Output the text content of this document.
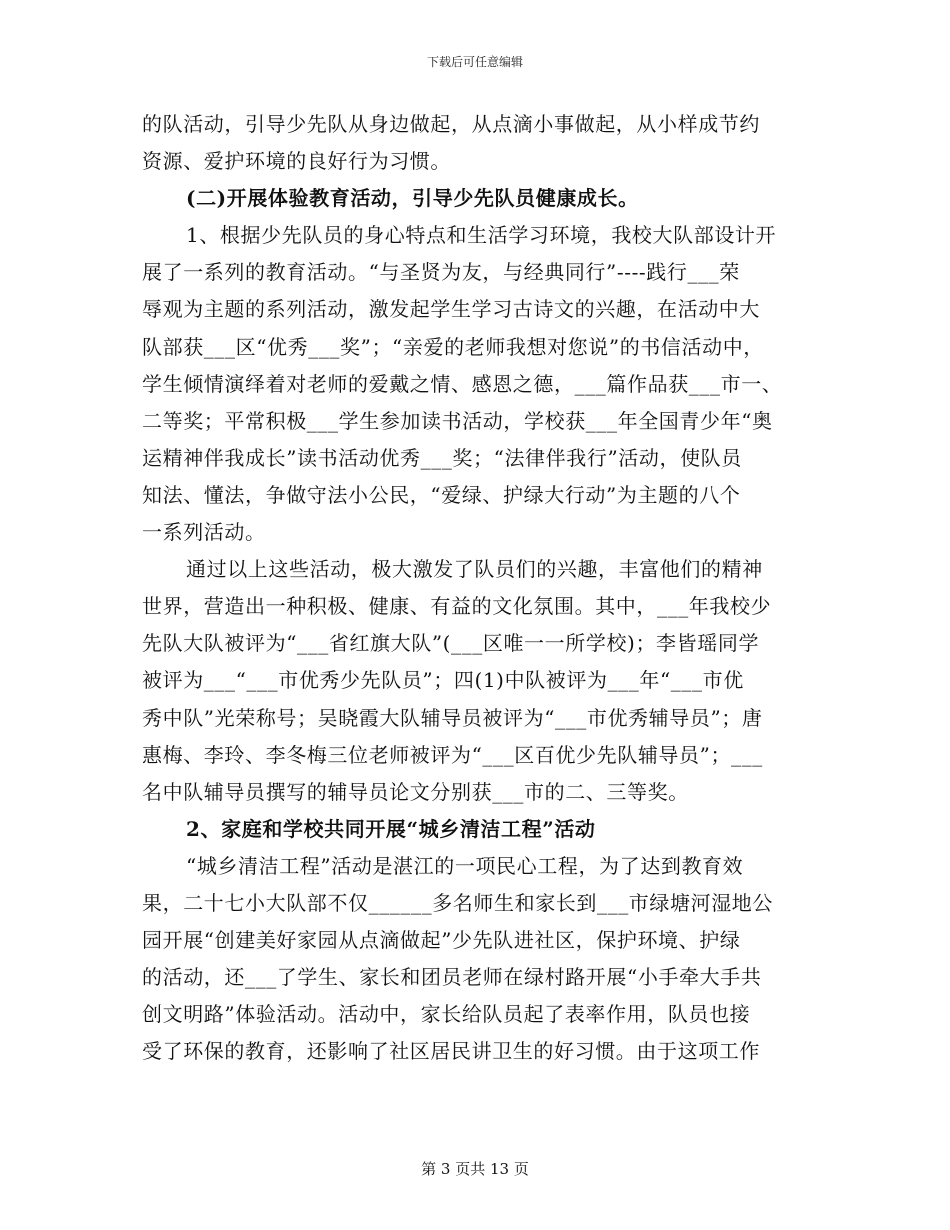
下载后可任意编辑
的队活动，引导少先队从身边做起，从点滴小事做起，从小样成节约
资源、爱护环境的良好行为习惯。
(二)开展体验教育活动，引导少先队员健康成长。
1、根据少先队员的身心特点和生活学习环境，我校大队部设计开
展了一系列的教育活动。“与圣贤为友，与经典同行”----践行___荣
辱观为主题的系列活动，激发起学生学习古诗文的兴趣，在活动中大
队部获___区“优秀___奖”；“亲爱的老师我想对您说”的书信活动中，
学生倾情演绎着对老师的爱戴之情、感恩之德，___篇作品获___市一、
二等奖；平常积极___学生参加读书活动，学校获___年全国青少年“奥
运精神伴我成长”读书活动优秀___奖；“法律伴我行”活动，使队员
知法、懂法，争做守法小公民，“爱绿、护绿大行动”为主题的八个
一系列活动。
通过以上这些活动，极大激发了队员们的兴趣，丰富他们的精神
世界，营造出一种积极、健康、有益的文化氛围。其中，___年我校少
先队大队被评为“___省红旗大队”(___区唯一一所学校)；李皆瑶同学
被评为___“___市优秀少先队员”；四(1)中队被评为___年“___市优
秀中队”光荣称号；吴晓霞大队辅导员被评为“___市优秀辅导员”；唐
惠梅、李玲、李冬梅三位老师被评为“___区百优少先队辅导员”；___
名中队辅导员撰写的辅导员论文分别获___市的二、三等奖。
2、家庭和学校共同开展“城乡清洁工程”活动
“城乡清洁工程”活动是湛江的一项民心工程，为了达到教育效
果，二十七小大队部不仅______多名师生和家长到___市绿塘河湿地公
园开展“创建美好家园从点滴做起”少先队进社区，保护环境、护绿
的活动，还___了学生、家长和团员老师在绿村路开展“小手牵大手共
创文明路”体验活动。活动中，家长给队员起了表率作用，队员也接
受了环保的教育，还影响了社区居民讲卫生的好习惯。由于这项工作
第 3 页共 13 页
